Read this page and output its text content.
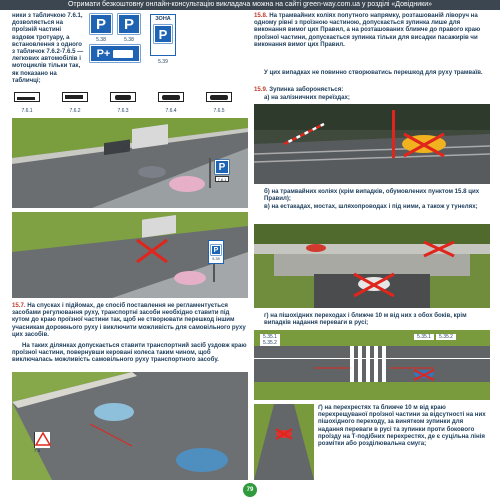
Отримати безкоштовну онлайн-консультацію викладача можна на сайті green-way.com.ua у розділі «Довідники»
ники з табличкою 7.6.1, дозволяється на проїзній частині вздовж тротуару, а встановлення з одного з табличок 7.6.2-7.6.5 — легкових автомобілів і мотоциклів тільки так, як показано на табличці;
P
5.38
P
5.38
P+
ЗОНА
P
5.39
7.6.1	7.6.2	7.6.3	7.6.4	7.6.5
P
7.6.1
P
5.39
15.7. На спусках і підйомах, де спосіб поставлення не регламентується засобами регулювання руху, транспортні засоби необхідно ставити під кутом до краю проїзної частини так, щоб не створювати перешкод іншим учасникам дорожнього руху і виключити можливість для самовільного руху цих засобів.
На таких ділянках допускається ставити транспортний засіб уздовж краю проїзної частини, повернувши керовані колеса таким чином, щоб виключалась можливість самовільного руху транспортного засобу.
7.6
15.8. На трамвайних коліях попутного напрямку, розташованій ліворуч на одному рівні з проїзною частиною, допускається зупинка лише для виконання вимог цих Правил, а на розташованих ближче до правого краю проїзної частини, допускається зупинка тільки для висадки пасажирів чи виконання вимог цих Правил.
У цих випадках не повинно створюватись перешкод для руху трамваїв.
15.9. Зупинка забороняється:
а) на залізничних переїздах;
б) на трамвайних коліях (крім випадків, обумовлених пунктом 15.8 цих Правил);
в) на естакадах, мостах, шляхопроводах і під ними, а також у тунелях;
г) на пішохідних переходах і ближче 10 м від них з обох боків, крім випадків надання переваги в русі;
5.35.1
5.35.2
5.35.1	5.35.2
ґ) на перехрестях та ближче 10 м від краю перехрещуваної проїзної частини за відсутності на них пішохідного переходу, за винятком зупинки для надання переваги в русі та зупинки проти бокового проїзду на Т-подібних перехрестях, де є суцільна лінія розмітки або розділювальна смуга;
79
